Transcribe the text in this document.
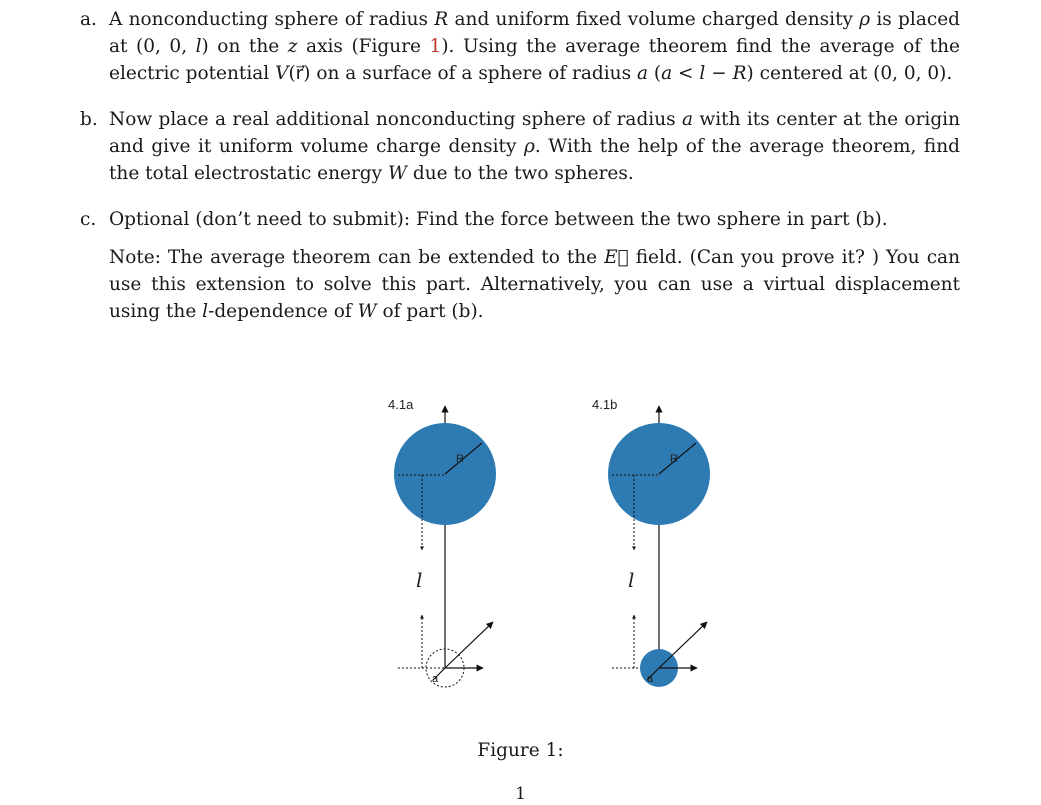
a. A nonconducting sphere of radius R and uniform fixed volume charged density ρ is placed at (0, 0, l) on the z axis (Figure 1). Using the average theorem find the average of the electric potential V(r⃗) on a surface of a sphere of radius a (a < l − R) centered at (0, 0, 0).
b. Now place a real additional nonconducting sphere of radius a with its center at the origin and give it uniform volume charge density ρ. With the help of the average theorem, find the total electrostatic energy W due to the two spheres.
c. Optional (don’t need to submit): Find the force between the two sphere in part (b).
Note: The average theorem can be extended to the E⃗ field. (Can you prove it? ) You can use this extension to solve this part. Alternatively, you can use a virtual displacement using the l-dependence of W of part (b).
4.1a
R
l
a
4.1b
R
l
a
Figure 1:
1
